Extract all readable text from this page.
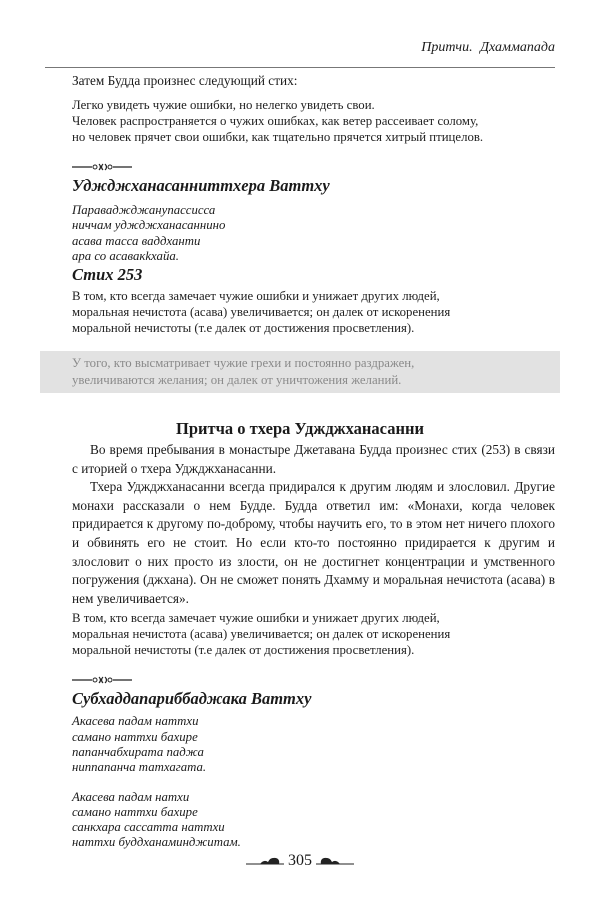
Притчи. Дхаммапада
Затем Будда произнес следующий стих:
Легко увидеть чужие ошибки, но нелегко увидеть свои.
Человек распространяется о чужих ошибках, как ветер рассеивает солому,
но человек прячет свои ошибки, как тщательно прячется хитрый птицелов.
Уджджханасанниттхера Ваттху
Параваджджанупассисса
ниччам уджджханасаннино
асава тасса ваддханти
ара со асавакkхайа.
Стих 253
В том, кто всегда замечает чужие ошибки и унижает других людей,
моральная нечистота (асава) увеличивается; он далек от искоренения
моральной нечистоты (т.е далек от достижения просветления).
У того, кто высматривает чужие грехи и постоянно раздражен,
увеличиваются желания; он далек от уничтожения желаний.
Притча о тхера Уджджханасанни

Во время пребывания в монастыре Джетавана Будда произнес стих (253) в связи с иторией о тхера Уджджханасанни.

Тхера Уджджханасанни всегда придирался к другим людям и злословил. Другие монахи рассказали о нем Будде. Будда ответил им: «Монахи, когда человек придирается к другому по-доброму, чтобы научить его, то в этом нет ничего плохого и обвинять его не стоит. Но если кто-то постоянно придирается к другим и злословит о них просто из злости, он не достигнет концентрации и умственного погружения (джхана). Он не сможет понять Дхамму и моральная нечистота (асава) в нем увеличивается».

В том, кто всегда замечает чужие ошибки и унижает других людей,
моральная нечистота (асава) увеличивается; он далек от искоренения
моральной нечистоты (т.е далек от достижения просветления).
Субхаддапариббаджака Ваттху
Акасева падам наттхи
самано наттхи бахире
папанчабхирата паджа
ниппапанча татхагата.
Акасева падам натхи
самано наттхи бахире
санкхара сассатта наттхи
наттхи буддханаминджитам.
305
